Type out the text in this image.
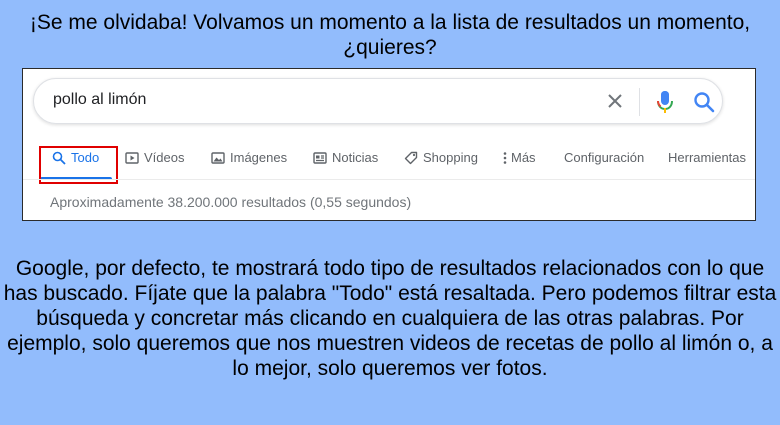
¡Se me olvidaba! Volvamos un momento a la lista de resultados un momento, ¿quieres?
pollo al limón
Todo	Vídeos	Imágenes	Noticias	Shopping	Más Configuración Herramientas
Aproximadamente 38.200.000 resultados (0,55 segundos)
Google, por defecto, te mostrará todo tipo de resultados relacionados con lo que has buscado. Fíjate que la palabra "Todo" está resaltada. Pero podemos filtrar esta búsqueda y concretar más clicando en cualquiera de las otras palabras. Por ejemplo, solo queremos que nos muestren videos de recetas de pollo al limón o, a lo mejor, solo queremos ver fotos.
